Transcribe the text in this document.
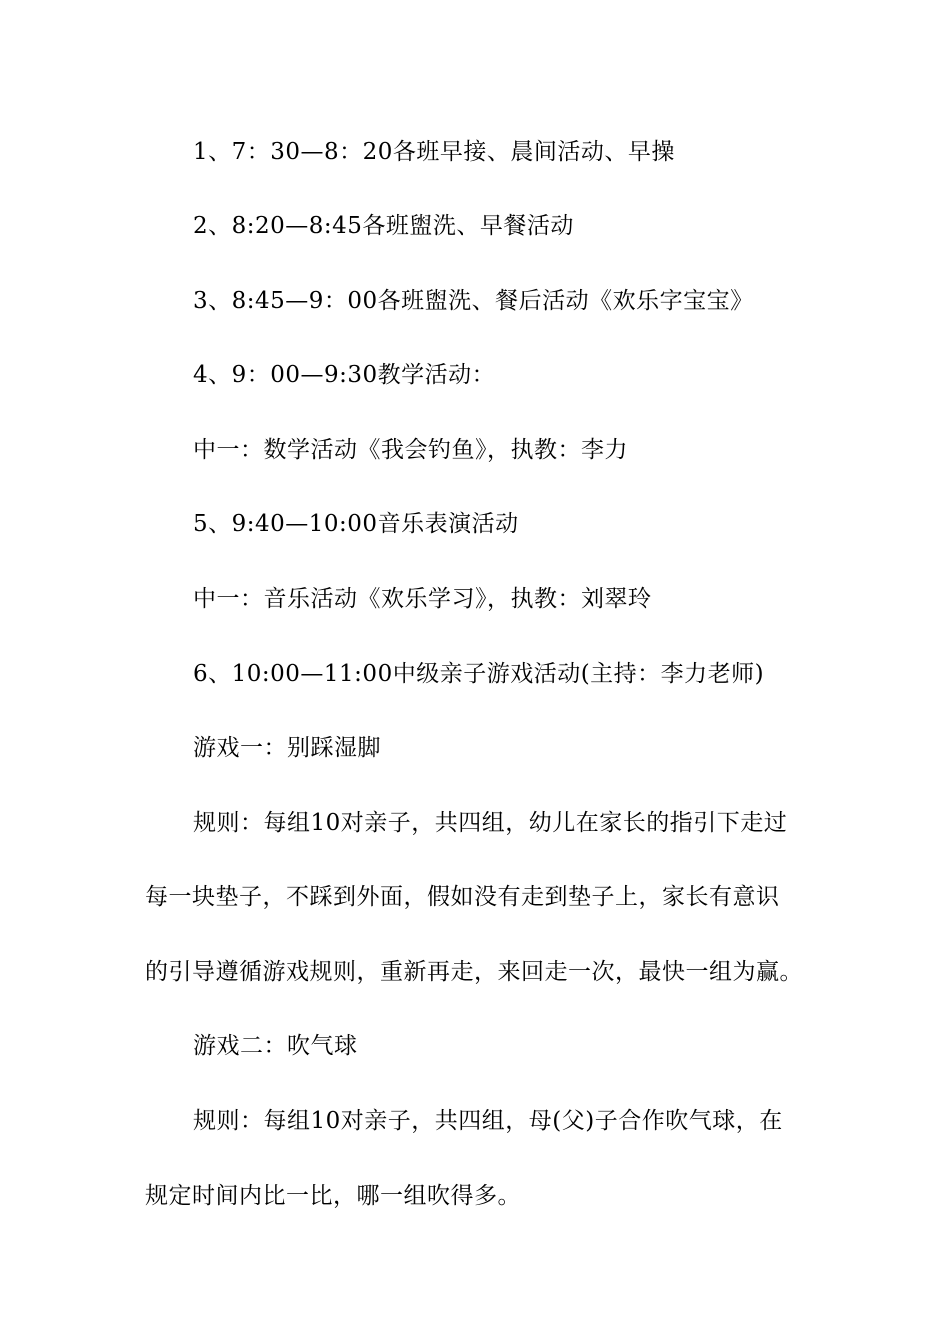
1、7：30—8：20各班早接、晨间活动、早操
2、8:20—8:45各班盥洗、早餐活动
3、8:45—9：00各班盥洗、餐后活动《欢乐字宝宝》
4、9：00—9:30教学活动：
中一：数学活动《我会钓鱼》，执教：李力
5、9:40—10:00音乐表演活动
中一：音乐活动《欢乐学习》，执教：刘翠玲
6、10:00—11:00中级亲子游戏活动(主持：李力老师)
游戏一：别踩湿脚
规则：每组10对亲子，共四组，幼儿在家长的指引下走过
每一块垫子，不踩到外面，假如没有走到垫子上，家长有意识
的引导遵循游戏规则，重新再走，来回走一次，最快一组为赢。
游戏二：吹气球
规则：每组10对亲子，共四组，母(父)子合作吹气球，在
规定时间内比一比，哪一组吹得多。
